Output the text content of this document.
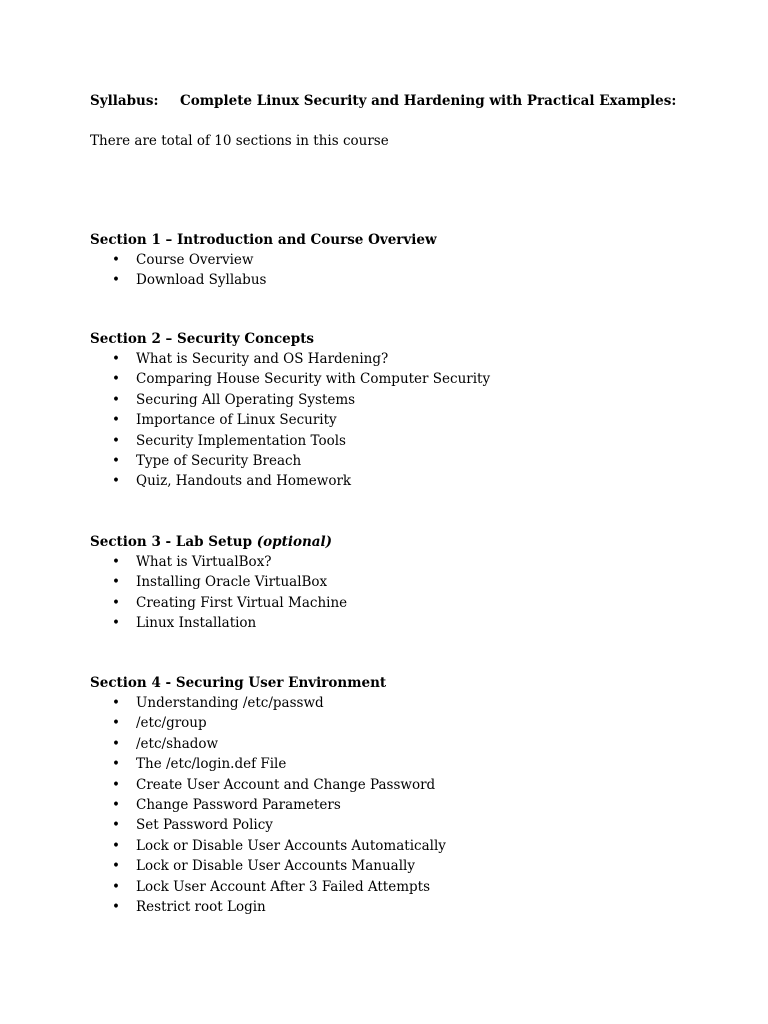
Syllabus: Complete Linux Security and Hardening with Practical Examples:
There are total of 10 sections in this course
Section 1 – Introduction and Course Overview
• Course Overview
• Download Syllabus
Section 2 – Security Concepts
• What is Security and OS Hardening?
• Comparing House Security with Computer Security
• Securing All Operating Systems
• Importance of Linux Security
• Security Implementation Tools
• Type of Security Breach
• Quiz, Handouts and Homework
Section 3 - Lab Setup (optional)
• What is VirtualBox?
• Installing Oracle VirtualBox
• Creating First Virtual Machine
• Linux Installation
Section 4 - Securing User Environment
• Understanding /etc/passwd
• /etc/group
• /etc/shadow
• The /etc/login.def File
• Create User Account and Change Password
• Change Password Parameters
• Set Password Policy
• Lock or Disable User Accounts Automatically
• Lock or Disable User Accounts Manually
• Lock User Account After 3 Failed Attempts
• Restrict root Login
